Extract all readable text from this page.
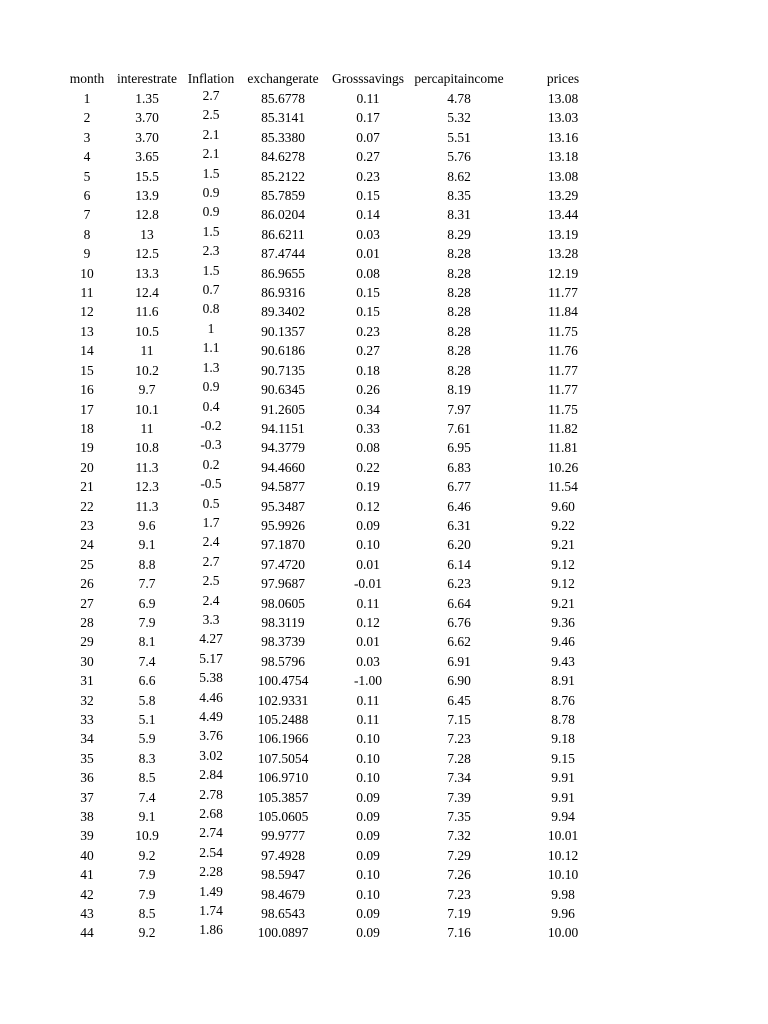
month	interestrate	Inflation	exchangerate	Grosssavings	percapitaincome	prices
1	1.35	2.7	85.6778	0.11	4.78	13.08
2	3.70	2.5	85.3141	0.17	5.32	13.03
3	3.70	2.1	85.3380	0.07	5.51	13.16
4	3.65	2.1	84.6278	0.27	5.76	13.18
5	15.5	1.5	85.2122	0.23	8.62	13.08
6	13.9	0.9	85.7859	0.15	8.35	13.29
7	12.8	0.9	86.0204	0.14	8.31	13.44
8	13	1.5	86.6211	0.03	8.29	13.19
9	12.5	2.3	87.4744	0.01	8.28	13.28
10	13.3	1.5	86.9655	0.08	8.28	12.19
11	12.4	0.7	86.9316	0.15	8.28	11.77
12	11.6	0.8	89.3402	0.15	8.28	11.84
13	10.5	1	90.1357	0.23	8.28	11.75
14	11	1.1	90.6186	0.27	8.28	11.76
15	10.2	1.3	90.7135	0.18	8.28	11.77
16	9.7	0.9	90.6345	0.26	8.19	11.77
17	10.1	0.4	91.2605	0.34	7.97	11.75
18	11	-0.2	94.1151	0.33	7.61	11.82
19	10.8	-0.3	94.3779	0.08	6.95	11.81
20	11.3	0.2	94.4660	0.22	6.83	10.26
21	12.3	-0.5	94.5877	0.19	6.77	11.54
22	11.3	0.5	95.3487	0.12	6.46	9.60
23	9.6	1.7	95.9926	0.09	6.31	9.22
24	9.1	2.4	97.1870	0.10	6.20	9.21
25	8.8	2.7	97.4720	0.01	6.14	9.12
26	7.7	2.5	97.9687	-0.01	6.23	9.12
27	6.9	2.4	98.0605	0.11	6.64	9.21
28	7.9	3.3	98.3119	0.12	6.76	9.36
29	8.1	4.27	98.3739	0.01	6.62	9.46
30	7.4	5.17	98.5796	0.03	6.91	9.43
31	6.6	5.38	100.4754	-1.00	6.90	8.91
32	5.8	4.46	102.9331	0.11	6.45	8.76
33	5.1	4.49	105.2488	0.11	7.15	8.78
34	5.9	3.76	106.1966	0.10	7.23	9.18
35	8.3	3.02	107.5054	0.10	7.28	9.15
36	8.5	2.84	106.9710	0.10	7.34	9.91
37	7.4	2.78	105.3857	0.09	7.39	9.91
38	9.1	2.68	105.0605	0.09	7.35	9.94
39	10.9	2.74	99.9777	0.09	7.32	10.01
40	9.2	2.54	97.4928	0.09	7.29	10.12
41	7.9	2.28	98.5947	0.10	7.26	10.10
42	7.9	1.49	98.4679	0.10	7.23	9.98
43	8.5	1.74	98.6543	0.09	7.19	9.96
44	9.2	1.86	100.0897	0.09	7.16	10.00
